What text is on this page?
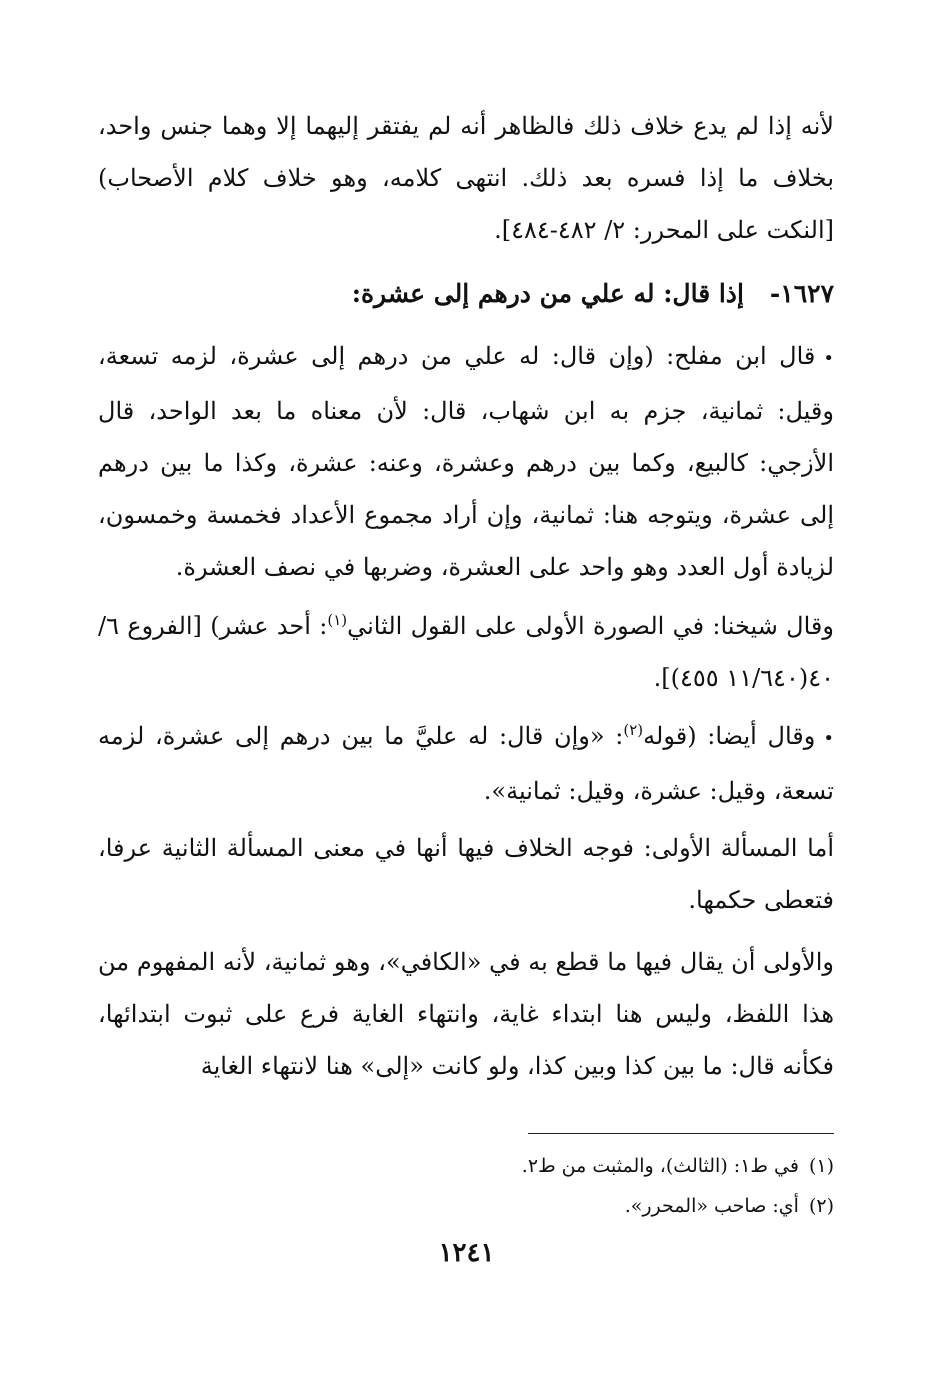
لأنه إذا لم يدع خلاف ذلك فالظاهر أنه لم يفتقر إليهما إلا وهما جنس واحد، بخلاف ما إذا فسره بعد ذلك. انتهى كلامه، وهو خلاف كلام الأصحاب) [النكت على المحرر: ٢/ ٤٨٢-٤٨٤].
١٦٢٧-إذا قال: له علي من درهم إلى عشرة:
•قال ابن مفلح: (وإن قال: له علي من درهم إلى عشرة، لزمه تسعة، وقيل: ثمانية، جزم به ابن شهاب، قال: لأن معناه ما بعد الواحد، قال الأزجي: كالبيع، وكما بين درهم وعشرة، وعنه: عشرة، وكذا ما بين درهم إلى عشرة، ويتوجه هنا: ثمانية، وإن أراد مجموع الأعداد فخمسة وخمسون، لزيادة أول العدد وهو واحد على العشرة، وضربها في نصف العشرة.
وقال شيخنا: في الصورة الأولى على القول الثاني$^{(١)}$: أحد عشر) [الفروع ٦/ ٤٠(١١/٦٤٠ ٤٥٥)].
•وقال أيضا: (قوله$^{(٢)}$: «وإن قال: له عليَّ ما بين درهم إلى عشرة، لزمه تسعة، وقيل: عشرة، وقيل: ثمانية».
أما المسألة الأولى: فوجه الخلاف فيها أنها في معنى المسألة الثانية عرفا، فتعطى حكمها.
والأولى أن يقال فيها ما قطع به في «الكافي»، وهو ثمانية، لأنه المفهوم من هذا اللفظ، وليس هنا ابتداء غاية، وانتهاء الغاية فرع على ثبوت ابتدائها، فكأنه قال: ما بين كذا وبين كذا، ولو كانت «إلى» هنا لانتهاء الغاية
(١)في ط١: (الثالث)، والمثبت من ط٢.
(٢)أي: صاحب «المحرر».
١٢٤١
